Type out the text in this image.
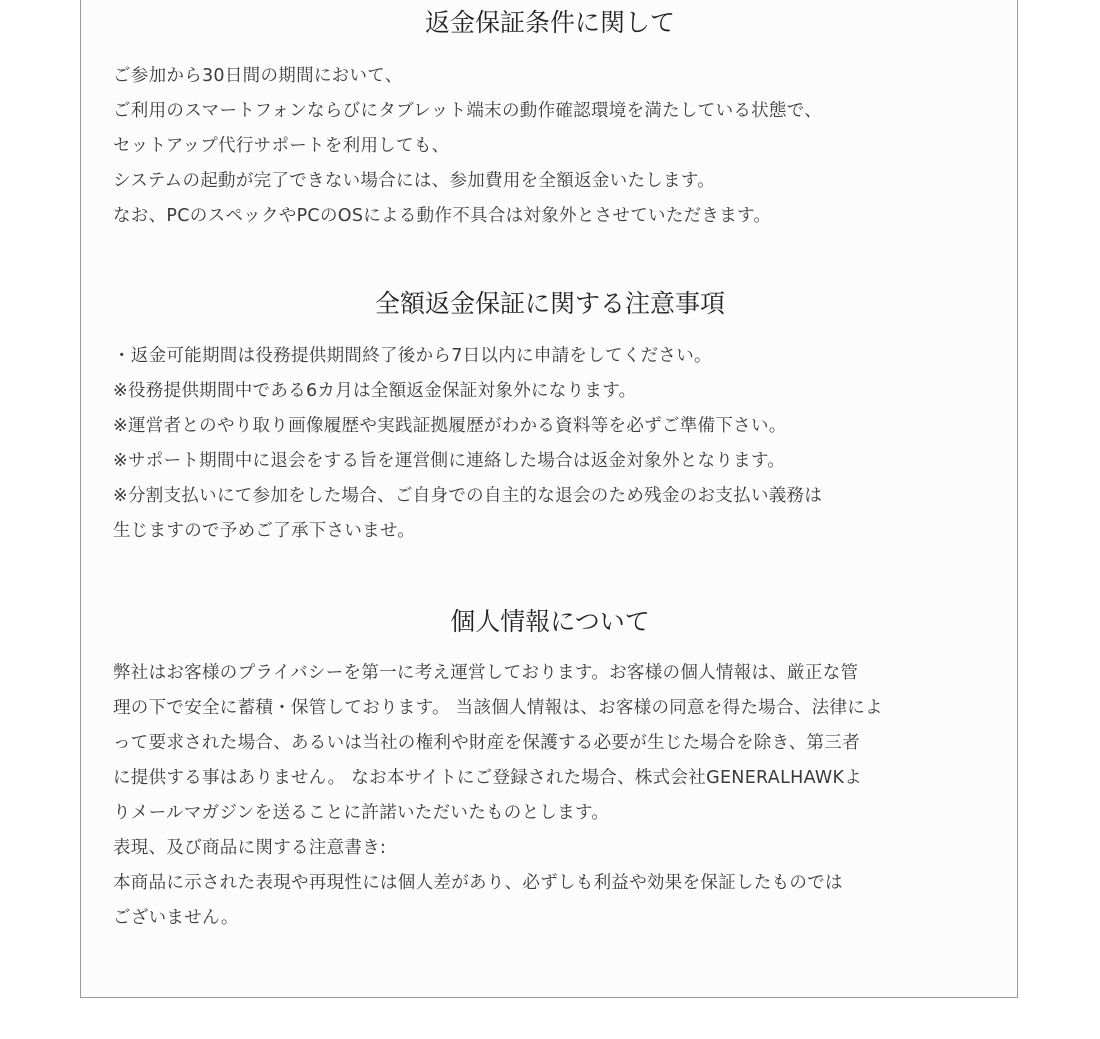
返金保証条件に関して
ご参加から30日間の期間において、
ご利用のスマートフォンならびにタブレット端末の動作確認環境を満たしている状態で、
セットアップ代行サポートを利用しても、
システムの起動が完了できない場合には、参加費用を全額返金いたします。
なお、PCのスペックやPCのOSによる動作不具合は対象外とさせていただきます。
全額返金保証に関する注意事項
・返金可能期間は役務提供期間終了後から7日以内に申請をしてください。
※役務提供期間中である6カ月は全額返金保証対象外になります。
※運営者とのやり取り画像履歴や実践証拠履歴がわかる資料等を必ずご準備下さい。
※サポート期間中に退会をする旨を運営側に連絡した場合は返金対象外となります。
※分割支払いにて参加をした場合、ご自身での自主的な退会のため残金のお支払い義務は
生じますので予めご了承下さいませ。
個人情報について
弊社はお客様のプライバシーを第一に考え運営しております。お客様の個人情報は、厳正な管
理の下で安全に蓄積・保管しております。 当該個人情報は、お客様の同意を得た場合、法律によ
って要求された場合、あるいは当社の権利や財産を保護する必要が生じた場合を除き、第三者
に提供する事はありません。 なお本サイトにご登録された場合、株式会社GENERALHAWKよ
りメールマガジンを送ることに許諾いただいたものとします。
表現、及び商品に関する注意書き:
本商品に示された表現や再現性には個人差があり、必ずしも利益や効果を保証したものでは
ございません。
